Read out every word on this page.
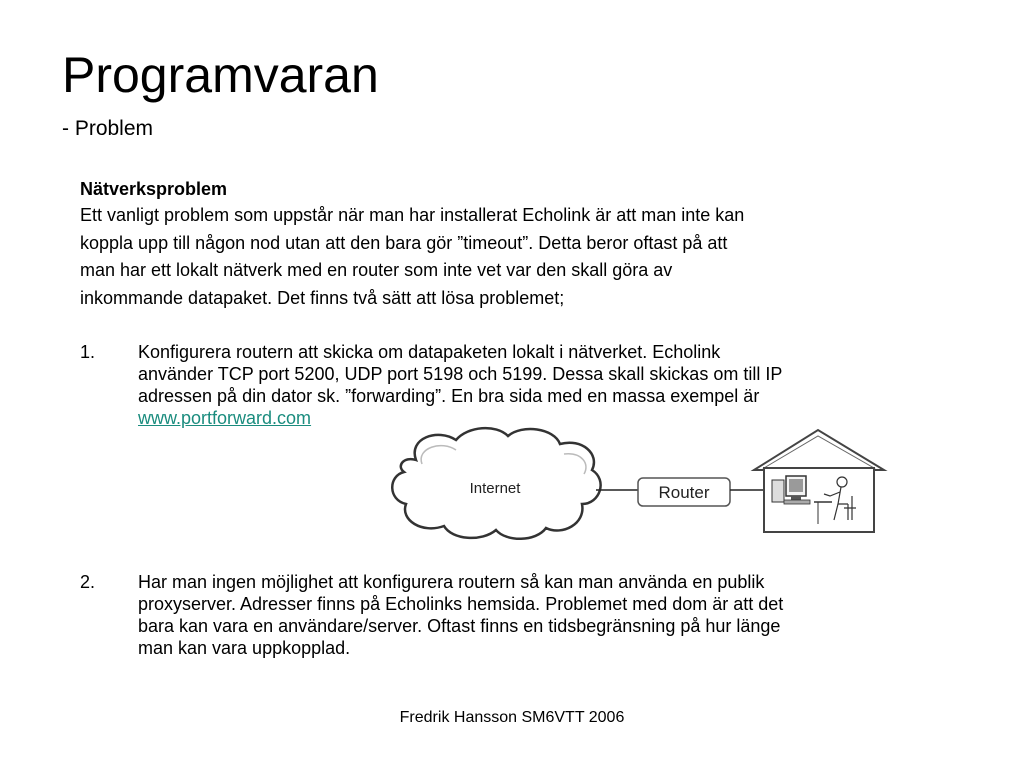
Programvaran
- Problem
Nätverksproblem
Ett vanligt problem som uppstår när man har installerat Echolink är att man inte kan
koppla upp till någon nod utan att den bara gör ”timeout”. Detta beror oftast på att
man har ett lokalt nätverk med en router som inte vet var den skall göra av
inkommande datapaket. Det finns två sätt att lösa problemet;
1. Konfigurera routern att skicka om datapaketen lokalt i nätverket. Echolink
använder TCP port 5200, UDP port 5198 och 5199. Dessa skall skickas om till IP
adressen på din dator sk. ”forwarding”. En bra sida med en massa exempel är
www.portforward.com
Internet	Router
2. Har man ingen möjlighet att konfigurera routern så kan man använda en publik
proxyserver. Adresser finns på Echolinks hemsida. Problemet med dom är att det
bara kan vara en användare/server. Oftast finns en tidsbegränsning på hur länge
man kan vara uppkopplad.
Fredrik Hansson SM6VTT 2006
